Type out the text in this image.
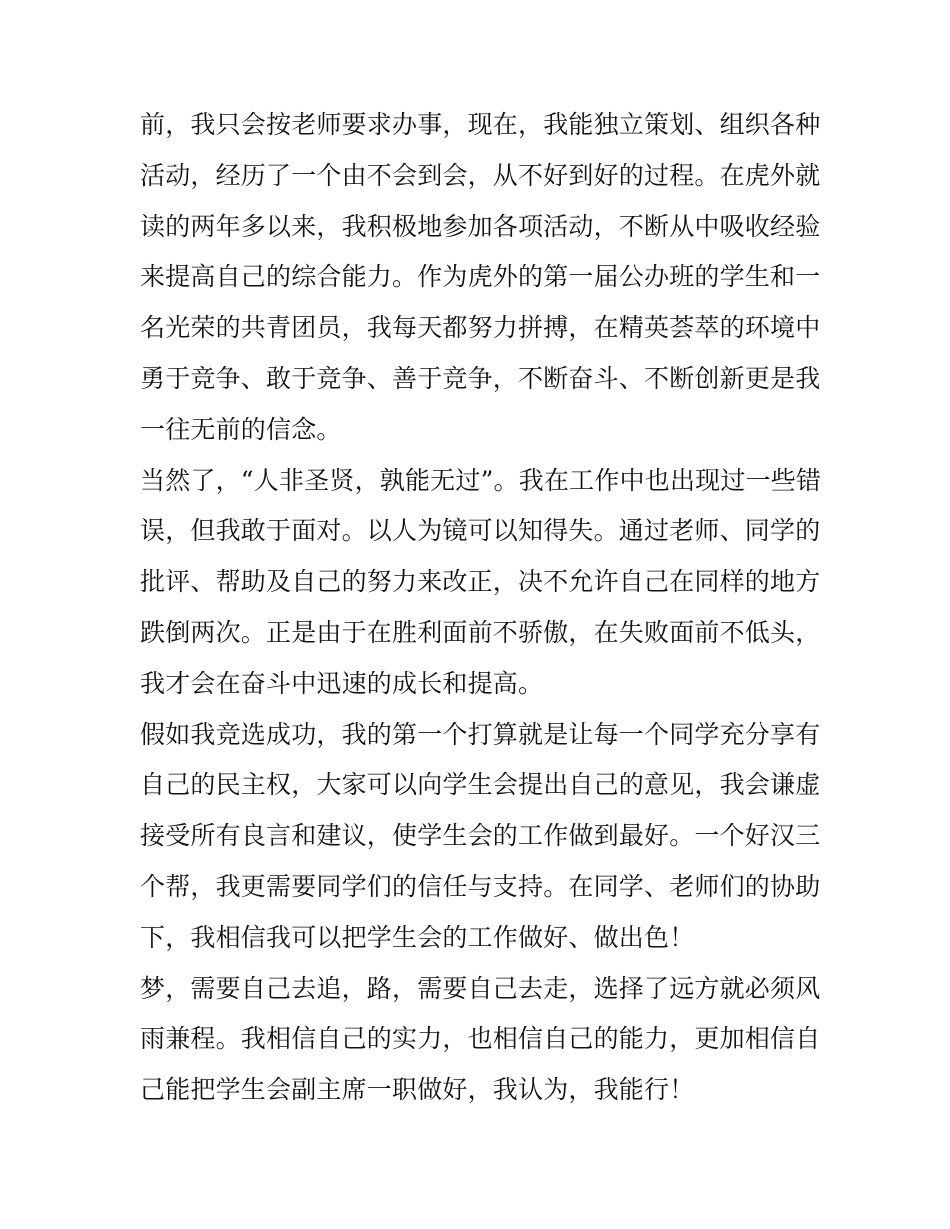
前，我只会按老师要求办事，现在，我能独立策划、组织各种
活动，经历了一个由不会到会，从不好到好的过程。在虎外就
读的两年多以来，我积极地参加各项活动，不断从中吸收经验
来提高自己的综合能力。作为虎外的第一届公办班的学生和一
名光荣的共青团员，我每天都努力拼搏，在精英荟萃的环境中
勇于竞争、敢于竞争、善于竞争，不断奋斗、不断创新更是我
一往无前的信念。
当然了，“人非圣贤，孰能无过”。我在工作中也出现过一些错
误，但我敢于面对。以人为镜可以知得失。通过老师、同学的
批评、帮助及自己的努力来改正，决不允许自己在同样的地方
跌倒两次。正是由于在胜利面前不骄傲，在失败面前不低头，
我才会在奋斗中迅速的成长和提高。
假如我竞选成功，我的第一个打算就是让每一个同学充分享有
自己的民主权，大家可以向学生会提出自己的意见，我会谦虚
接受所有良言和建议，使学生会的工作做到最好。一个好汉三
个帮，我更需要同学们的信任与支持。在同学、老师们的协助
下，我相信我可以把学生会的工作做好、做出色！
梦，需要自己去追，路，需要自己去走，选择了远方就必须风
雨兼程。我相信自己的实力，也相信自己的能力，更加相信自
己能把学生会副主席一职做好，我认为，我能行！
